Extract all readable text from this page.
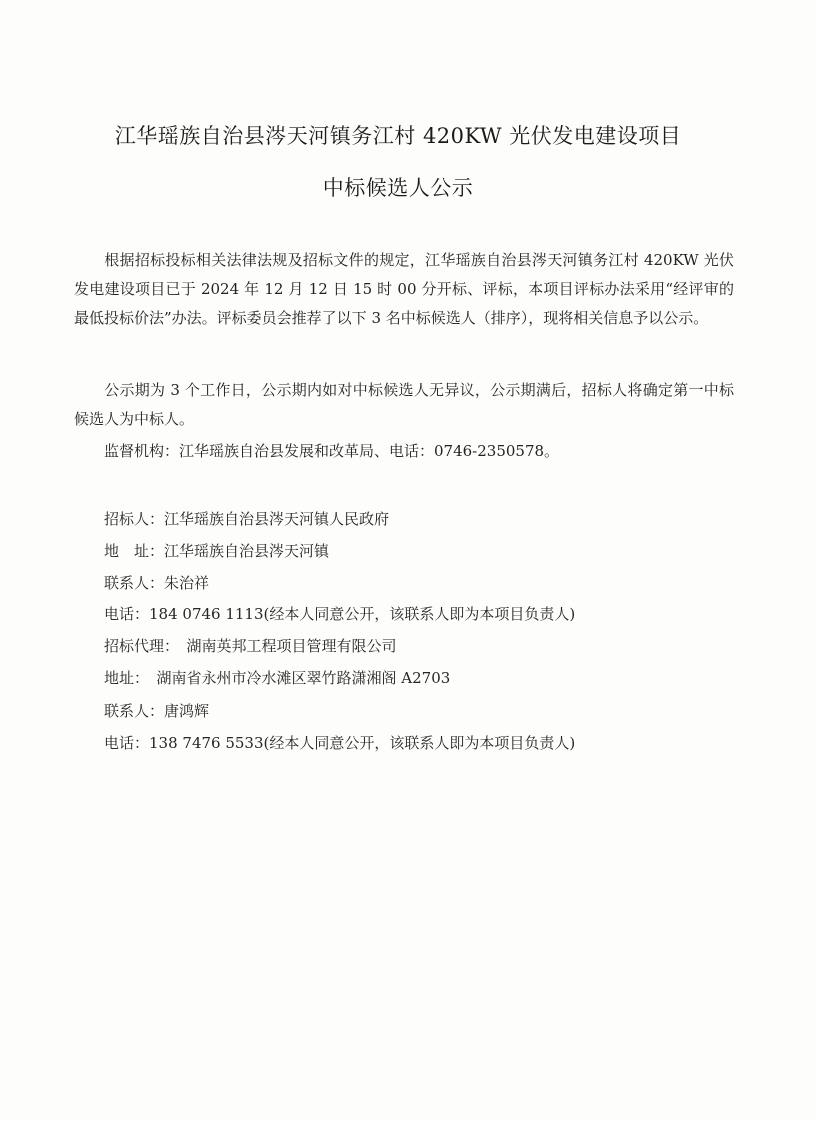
江华瑶族自治县涔天河镇务江村 420KW 光伏发电建设项目
中标候选人公示

根据招标投标相关法律法规及招标文件的规定，江华瑶族自治县涔天河镇务江村 420KW 光伏发电建设项目已于 2024 年 12 月 12 日 15 时 00 分开标、评标，本项目评标办法采用“经评审的最低投标价法”办法。评标委员会推荐了以下 3 名中标候选人（排序），现将相关信息予以公示。

公示期为 3 个工作日，公示期内如对中标候选人无异议，公示期满后，招标人将确定第一中标候选人为中标人。

监督机构：江华瑶族自治县发展和改革局、电话：0746-2350578。

招标人：江华瑶族自治县涔天河镇人民政府
地　址：江华瑶族自治县涔天河镇
联系人：朱治祥
电话：184 0746 1113(经本人同意公开，该联系人即为本项目负责人)
招标代理：　湖南英邦工程项目管理有限公司
地址：　湖南省永州市冷水滩区翠竹路潇湘阁 A2703
联系人：唐鸿辉
电话：138 7476 5533(经本人同意公开，该联系人即为本项目负责人)
